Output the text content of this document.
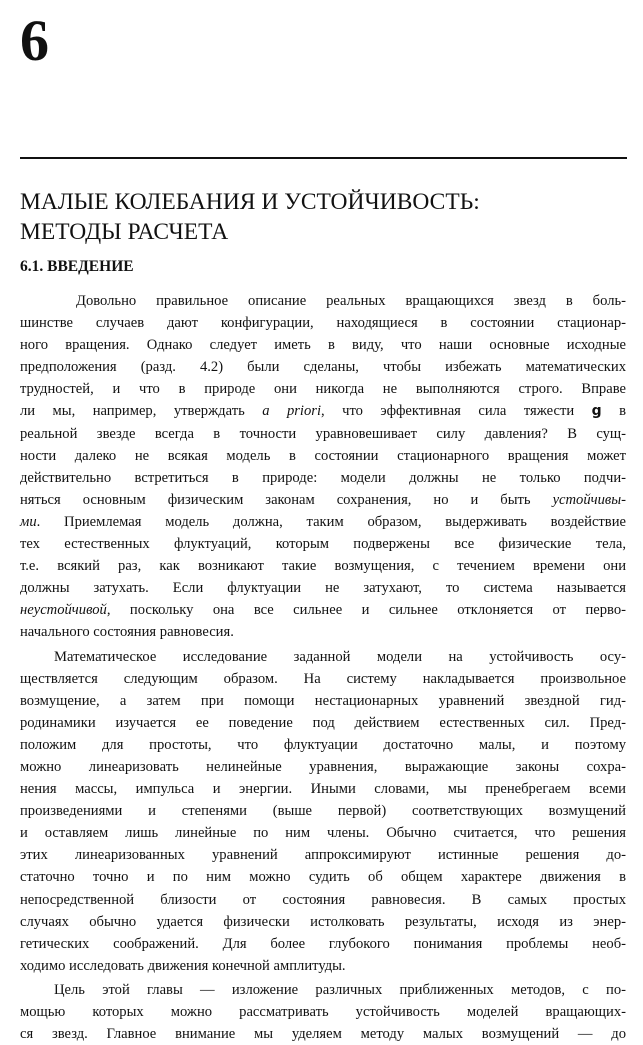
6
МАЛЫЕ КОЛЕБАНИЯ И УСТОЙЧИВОСТЬ:
МЕТОДЫ РАСЧЕТА
6.1. ВВЕДЕНИЕ
Довольно правильное описание реальных вращающихся звезд в боль-
шинстве случаев дают конфигурации, находящиеся в состоянии стационар-
ного вращения. Однако следует иметь в виду, что наши основные исходные
предположения (разд. 4.2) были сделаны, чтобы избежать математических
трудностей, и что в природе они никогда не выполняются строго. Вправе
ли мы, например, утверждать a priori, что эффективная сила тяжести g в
реальной звезде всегда в точности уравновешивает силу давления? В сущ-
ности далеко не всякая модель в состоянии стационарного вращения может
действительно встретиться в природе: модели должны не только подчи-
няться основным физическим законам сохранения, но и быть устойчивы-
ми. Приемлемая модель должна, таким образом, выдерживать воздействие
тех естественных флуктуаций, которым подвержены все физические тела,
т.е. всякий раз, как возникают такие возмущения, с течением времени они
должны затухать. Если флуктуации не затухают, то система называется
неустойчивой, поскольку она все сильнее и сильнее отклоняется от перво-
начального состояния равновесия.
Математическое исследование заданной модели на устойчивость осу-
ществляется следующим образом. На систему накладывается произвольное
возмущение, а затем при помощи нестационарных уравнений звездной гид-
родинамики изучается ее поведение под действием естественных сил. Пред-
положим для простоты, что флуктуации достаточно малы, и поэтому
можно линеаризовать нелинейные уравнения, выражающие законы сохра-
нения массы, импульса и энергии. Иными словами, мы пренебрегаем всеми
произведениями и степенями (выше первой) соответствующих возмущений
и оставляем лишь линейные по ним члены. Обычно считается, что решения
этих линеаризованных уравнений аппроксимируют истинные решения до-
статочно точно и по ним можно судить об общем характере движения в
непосредственной близости от состояния равновесия. В самых простых
случаях обычно удается физически истолковать результаты, исходя из энер-
гетических соображений. Для более глубокого понимания проблемы необ-
ходимо исследовать движения конечной амплитуды.
Цель этой главы — изложение различных приближенных методов, с по-
мощью которых можно рассматривать устойчивость моделей вращающих-
ся звезд. Главное внимание мы уделяем методу малых возмущений — до
